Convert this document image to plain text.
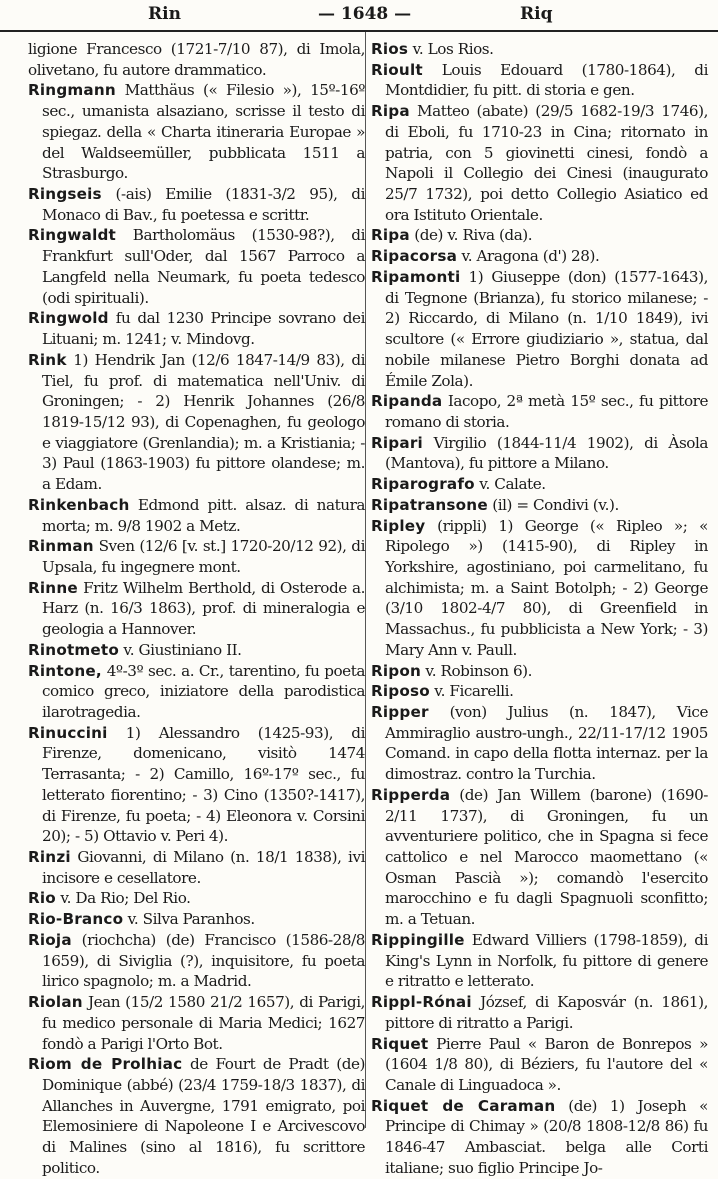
Rin	— 1648 —	Riq

ligione Francesco (1721-7/10 87), di Imola, olivetano, fu autore drammatico.

Ringmann Matthäus (« Filesio »), 15º-16º sec., umanista alsaziano, scrisse il testo di spiegaz. della « Charta itineraria Europae » del Waldseemüller, pubblicata 1511 a Strasburgo.

Ringseis (-ais) Emilie (1831-3/2 95), di Monaco di Bav., fu poetessa e scrittr.

Ringwaldt Bartholomäus (1530-98?), di Frankfurt sull'Oder, dal 1567 Parroco a Langfeld nella Neumark, fu poeta tedesco (odi spirituali).

Ringwold fu dal 1230 Principe sovrano dei Lituani; m. 1241; v. Mindovg.

Rink 1) Hendrik Jan (12/6 1847-14/9 83), di Tiel, fu prof. di matematica nell'Univ. di Groningen; - 2) Henrik Johannes (26/8 1819-15/12 93), di Copenaghen, fu geologo e viaggiatore (Grenlandia); m. a Kristiania; - 3) Paul (1863-1903) fu pittore olandese; m. a Edam.

Rinkenbach Edmond pitt. alsaz. di natura morta; m. 9/8 1902 a Metz.

Rinman Sven (12/6 [v. st.] 1720-20/12 92), di Upsala, fu ingegnere mont.

Rinne Fritz Wilhelm Berthold, di Osterode a. Harz (n. 16/3 1863), prof. di mineralogia e geologia a Hannover.

Rinotmeto v. Giustiniano II.

Rintone, 4º-3º sec. a. Cr., tarentino, fu poeta comico greco, iniziatore della parodistica ilarotragedia.

Rinuccini 1) Alessandro (1425-93), di Firenze, domenicano, visitò 1474 Terrasanta; - 2) Camillo, 16º-17º sec., fu letterato fiorentino; - 3) Cino (1350?-1417), di Firenze, fu poeta; - 4) Eleonora v. Corsini 20); - 5) Ottavio v. Peri 4).

Rinzi Giovanni, di Milano (n. 18/1 1838), ivi incisore e cesellatore.

Rio v. Da Rio; Del Rio.

Rio-Branco v. Silva Paranhos.

Rioja (riochcha) (de) Francisco (1586-28/8 1659), di Siviglia (?), inquisitore, fu poeta lirico spagnolo; m. a Madrid.

Riolan Jean (15/2 1580 21/2 1657), di Parigi, fu medico personale di Maria Medici; 1627 fondò a Parigi l'Orto Bot.

Riom de Prolhiac de Fourt de Pradt (de) Dominique (abbé) (23/4 1759-18/3 1837), di Allanches in Auvergne, 1791 emigrato, poi Elemosiniere di Napoleone I e Arcivescovo di Malines (sino al 1816), fu scrittore politico.

Rios v. Los Rios.

Rioult Louis Edouard (1780-1864), di Montdidier, fu pitt. di storia e gen.

Ripa Matteo (abate) (29/5 1682-19/3 1746), di Eboli, fu 1710-23 in Cina; ritornato in patria, con 5 giovinetti cinesi, fondò a Napoli il Collegio dei Cinesi (inaugurato 25/7 1732), poi detto Collegio Asiatico ed ora Istituto Orientale.

Ripa (de) v. Riva (da).

Ripacorsa v. Aragona (d') 28).

Ripamonti 1) Giuseppe (don) (1577-1643), di Tegnone (Brianza), fu storico milanese; - 2) Riccardo, di Milano (n. 1/10 1849), ivi scultore (« Errore giudiziario », statua, dal nobile milanese Pietro Borghi donata ad Émile Zola).

Ripanda Iacopo, 2ª metà 15º sec., fu pittore romano di storia.

Ripari Virgilio (1844-11/4 1902), di Àsola (Mantova), fu pittore a Milano.

Riparografo v. Calate.

Ripatransone (il) = Condivi (v.).

Ripley (rippli) 1) George (« Ripleo »; « Ripolego ») (1415-90), di Ripley in Yorkshire, agostiniano, poi carmelitano, fu alchimista; m. a Saint Botolph; - 2) George (3/10 1802-4/7 80), di Greenfield in Massachus., fu pubblicista a New York; - 3) Mary Ann v. Paull.

Ripon v. Robinson 6).

Riposo v. Ficarelli.

Ripper (von) Julius (n. 1847), Vice Ammiraglio austro-ungh., 22/11-17/12 1905 Comand. in capo della flotta internaz. per la dimostraz. contro la Turchia.

Ripperda (de) Jan Willem (barone) (1690-2/11 1737), di Groningen, fu un avventuriere politico, che in Spagna si fece cattolico e nel Marocco maomettano (« Osman Pascià »); comandò l'esercito marocchino e fu dagli Spagnuoli sconfitto; m. a Tetuan.

Rippingille Edward Villiers (1798-1859), di King's Lynn in Norfolk, fu pittore di genere e ritratto e letterato.

Rippl-Rónai József, di Kaposvár (n. 1861), pittore di ritratto a Parigi.

Riquet Pierre Paul « Baron de Bonrepos » (1604 1/8 80), di Béziers, fu l'autore del « Canale di Linguadoca ».

Riquet de Caraman (de) 1) Joseph « Principe di Chimay » (20/8 1808-12/8 86) fu 1846-47 Ambasciat. belga alle Corti italiane; suo figlio Principe Jo-
